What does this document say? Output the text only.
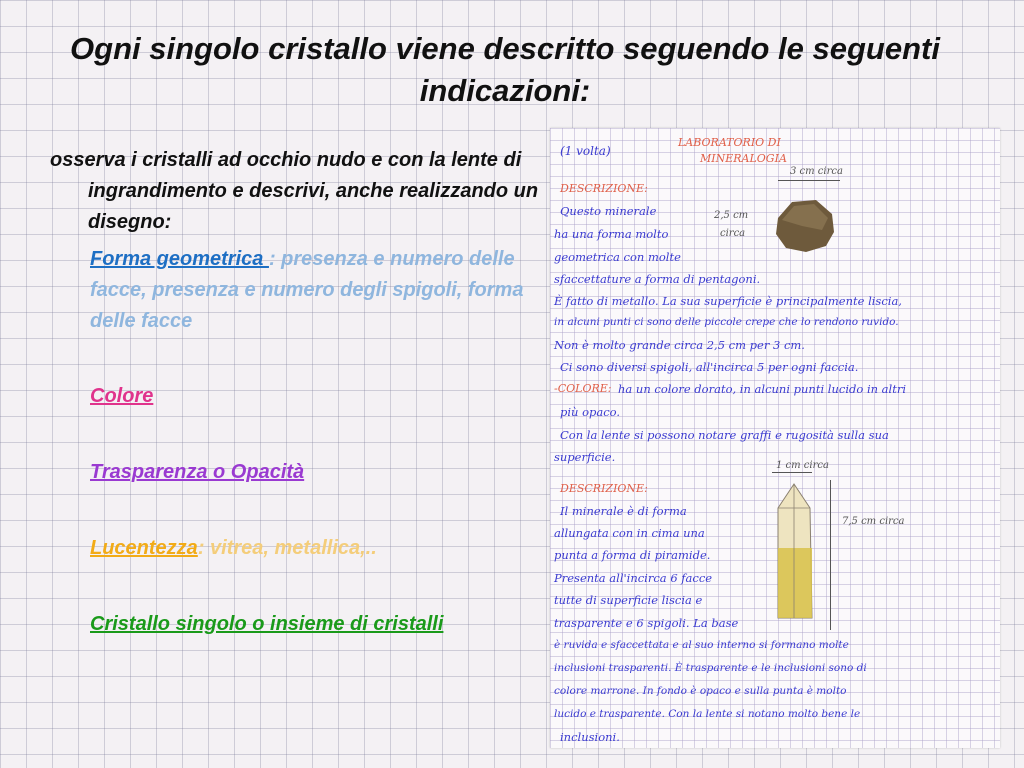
Ogni singolo cristallo viene descritto seguendo le seguenti indicazioni:

osserva i cristalli ad occhio nudo e con la lente di ingrandimento e descrivi, anche realizzando un disegno:

Forma geometrica : presenza e numero delle facce, presenza e numero degli spigoli, forma delle facce

Colore

Trasparenza o Opacità

Lucentezza: vitrea, metallica,..

Cristallo singolo o insieme di cristalli

(1 volta)
LABORATORIO DI
MINERALOGIA
3 cm circa
2,5 cm
circa
DESCRIZIONE:
Questo minerale
ha una forma molto
geometrica con molte
sfaccettature a forma di pentagoni.
È fatto di metallo. La sua superficie è principalmente liscia,
in alcuni punti ci sono delle piccole crepe che lo rendono ruvido.
Non è molto grande circa 2,5 cm per 3 cm.
Ci sono diversi spigoli, all'incirca 5 per ogni faccia.
-COLORE: ha un colore dorato, in alcuni punti lucido in altri
più opaco.
Con la lente si possono notare graffi e rugosità sulla sua
superficie.
1 cm circa
7,5 cm circa
DESCRIZIONE:
Il minerale è di forma
allungata con in cima una
punta a forma di piramide.
Presenta all'incirca 6 facce
tutte di superficie liscia e
trasparente e 6 spigoli. La base
è ruvida e sfaccettata e al suo interno si formano molte
inclusioni trasparenti. È trasparente e le inclusioni sono di
colore marrone. In fondo è opaco e sulla punta è molto
lucido e trasparente. Con la lente si notano molto bene le
inclusioni.
